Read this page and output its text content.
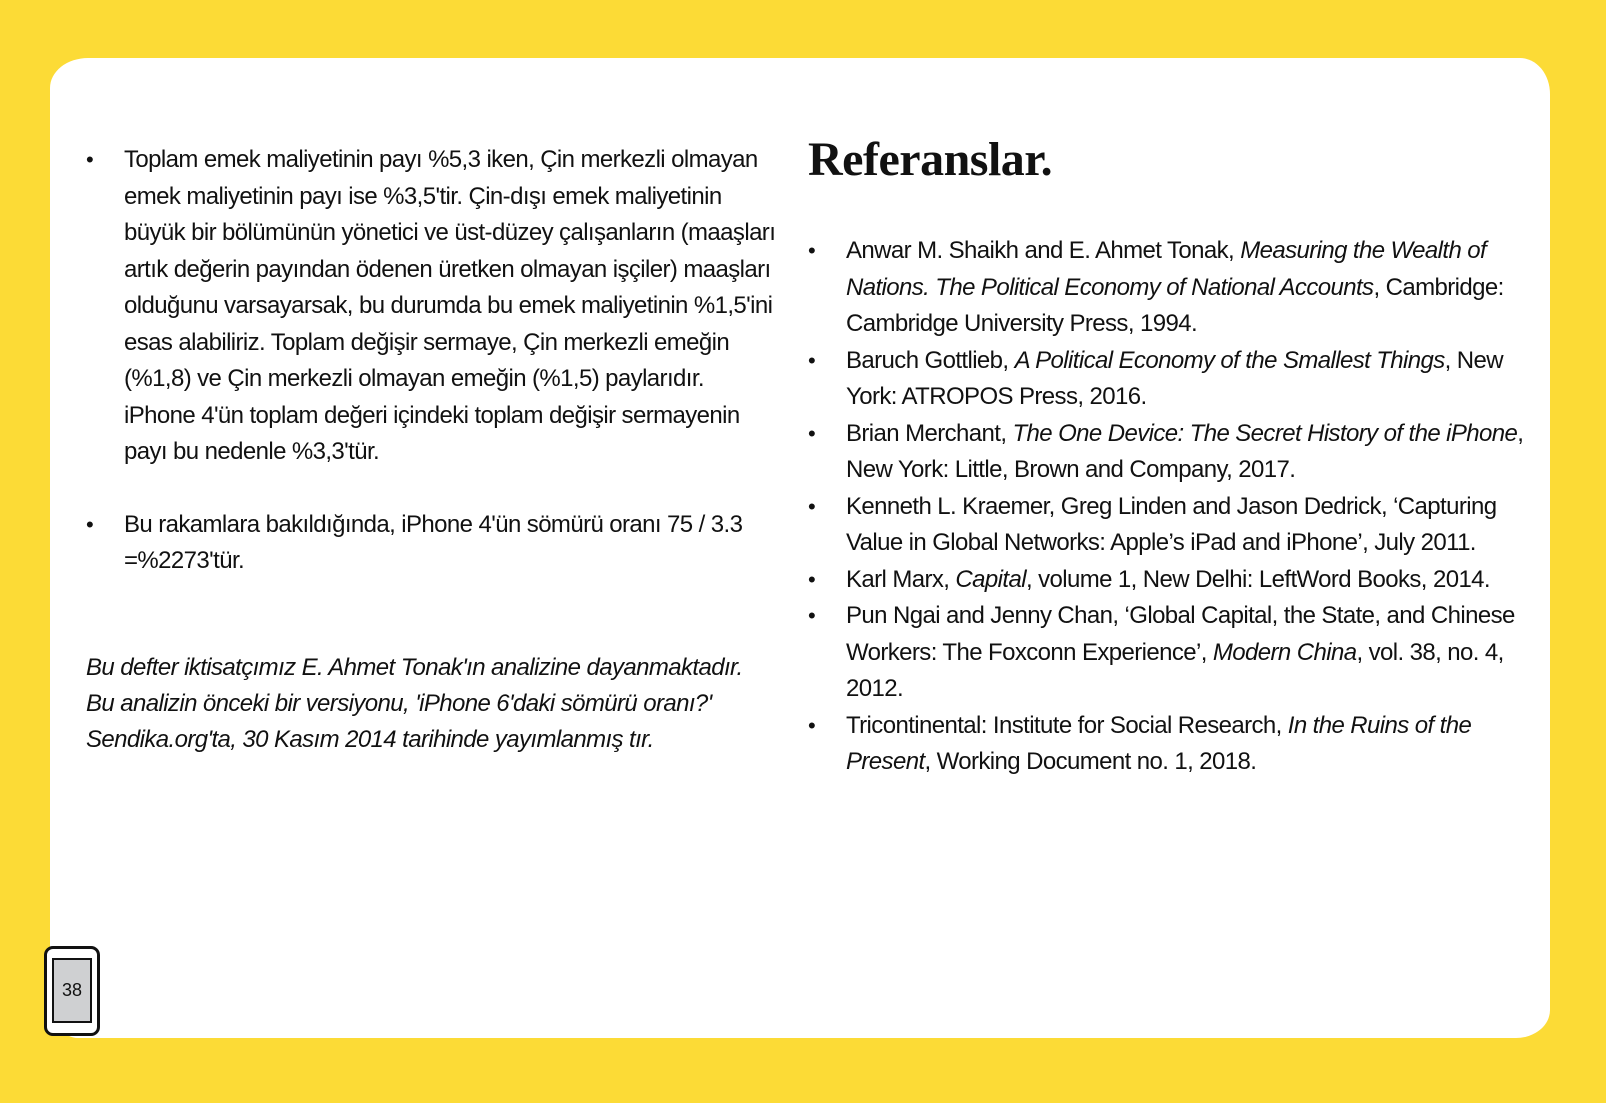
• Toplam emek maliyetinin payı %5,3 iken, Çin merkezli olmayan emek maliyetinin payı ise %3,5'tir. Çin-dışı emek maliyetinin büyük bir bölümünün yönetici ve üst-düzey çalışanların (maaşları artık değerin payından ödenen üretken olmayan işçiler) maaşları olduğunu varsayarsak, bu durumda bu emek maliyetinin %1,5'ini esas alabiliriz. Toplam değişir sermaye, Çin merkezli emeğin (%1,8) ve Çin merkezli olmayan emeğin (%1,5) paylarıdır. iPhone 4'ün toplam değeri içindeki toplam değişir sermayenin payı bu nedenle %3,3'tür.
• Bu rakamlara bakıldığında, iPhone 4'ün sömürü oranı 75 / 3.3 =%2273'tür.
Bu defter iktisatçımız E. Ahmet Tonak'ın analizine dayanmaktadır. Bu analizin önceki bir versiyonu, 'iPhone 6'daki sömürü oranı?' Sendika.org'ta, 30 Kasım 2014 tarihinde yayımlanmış tır.
Referanslar.
• Anwar M. Shaikh and E. Ahmet Tonak, Measuring the Wealth of Nations. The Political Economy of National Accounts, Cambridge: Cambridge University Press, 1994.
• Baruch Gottlieb, A Political Economy of the Smallest Things, New York: ATROPOS Press, 2016.
• Brian Merchant, The One Device: The Secret History of the iPhone, New York: Little, Brown and Company, 2017.
• Kenneth L. Kraemer, Greg Linden and Jason Dedrick, ‘Capturing Value in Global Networks: Apple’s iPad and iPhone’, July 2011.
• Karl Marx, Capital, volume 1, New Delhi: LeftWord Books, 2014.
• Pun Ngai and Jenny Chan, ‘Global Capital, the State, and Chinese Workers: The Foxconn Experience’, Modern China, vol. 38, no. 4, 2012.
• Tricontinental: Institute for Social Research, In the Ruins of the Present, Working Document no. 1, 2018.
38
